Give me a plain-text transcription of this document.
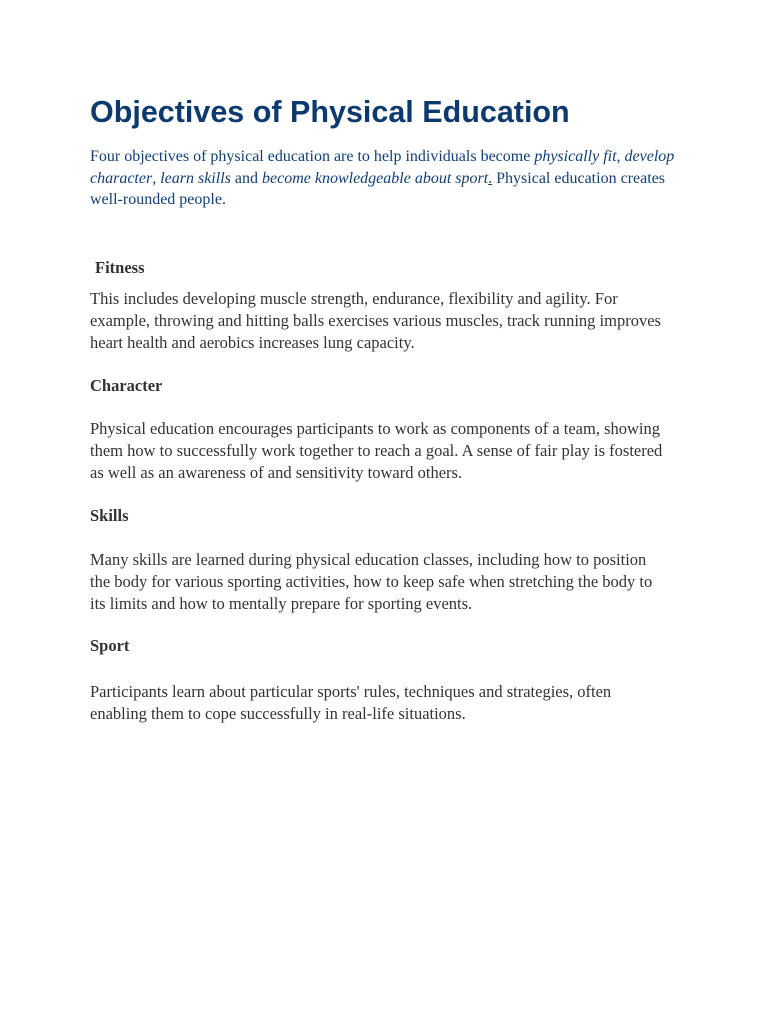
Objectives of Physical Education

Four objectives of physical education are to help individuals become physically fit, develop character, learn skills and become knowledgeable about sport. Physical education creates well-rounded people.

Fitness

This includes developing muscle strength, endurance, flexibility and agility. For example, throwing and hitting balls exercises various muscles, track running improves heart health and aerobics increases lung capacity.

Character

Physical education encourages participants to work as components of a team, showing them how to successfully work together to reach a goal. A sense of fair play is fostered as well as an awareness of and sensitivity toward others.

Skills

Many skills are learned during physical education classes, including how to position the body for various sporting activities, how to keep safe when stretching the body to its limits and how to mentally prepare for sporting events.

Sport

Participants learn about particular sports' rules, techniques and strategies, often enabling them to cope successfully in real-life situations.
